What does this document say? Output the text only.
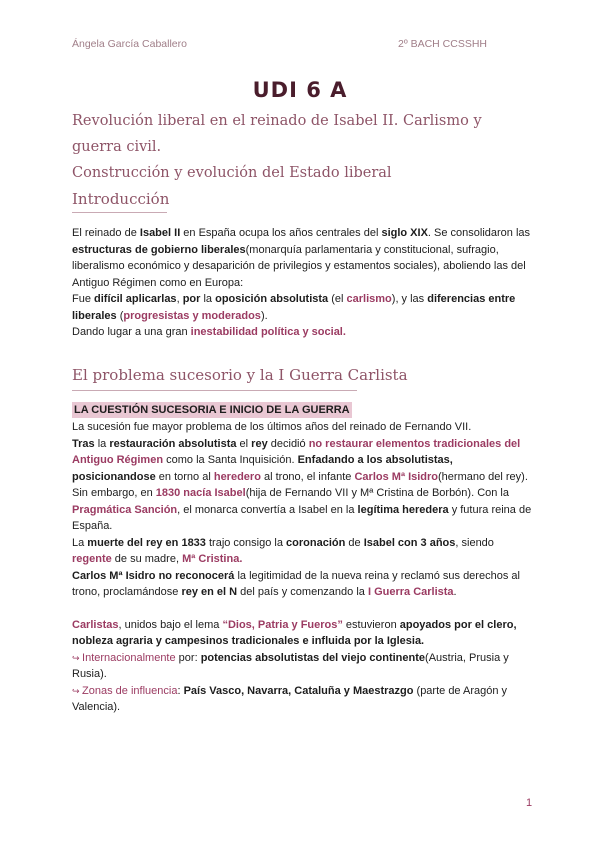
Ángela García Caballero	2º BACH CCSSHH
UDI 6 A
Revolución liberal en el reinado de Isabel II. Carlismo y guerra civil.
Construcción y evolución del Estado liberal
Introducción
El reinado de Isabel II en España ocupa los años centrales del siglo XIX. Se consolidaron las estructuras de gobierno liberales(monarquía parlamentaria y constitucional, sufragio, liberalismo económico y desaparición de privilegios y estamentos sociales), aboliendo las del Antiguo Régimen como en Europa:
Fue difícil aplicarlas, por la oposición absolutista (el carlismo), y las diferencias entre liberales (progresistas y moderados).
Dando lugar a una gran inestabilidad política y social.
El problema sucesorio y la I Guerra Carlista
LA CUESTIÓN SUCESORIA E INICIO DE LA GUERRA
La sucesión fue mayor problema de los últimos años del reinado de Fernando VII.
Tras la restauración absolutista el rey decidió no restaurar elementos tradicionales del Antiguo Régimen como la Santa Inquisición. Enfadando a los absolutistas, posicionandose en torno al heredero al trono, el infante Carlos Mª Isidro(hermano del rey).
Sin embargo, en 1830 nacía Isabel(hija de Fernando VII y Mª Cristina de Borbón). Con la Pragmática Sanción, el monarca convertía a Isabel en la legítima heredera y futura reina de España.
La muerte del rey en 1833 trajo consigo la coronación de Isabel con 3 años, siendo regente de su madre, Mª Cristina.
Carlos Mª Isidro no reconocerá la legitimidad de la nueva reina y reclamó sus derechos al trono, proclamándose rey en el N del país y comenzando la I Guerra Carlista.
Carlistas, unidos bajo el lema “Dios, Patria y Fueros” estuvieron apoyados por el clero, nobleza agraria y campesinos tradicionales e influida por la Iglesia.
↪ Internacionalmente por: potencias absolutistas del viejo continente(Austria, Prusia y Rusia).
↪ Zonas de influencia: País Vasco, Navarra, Cataluña y Maestrazgo (parte de Aragón y Valencia).
1
